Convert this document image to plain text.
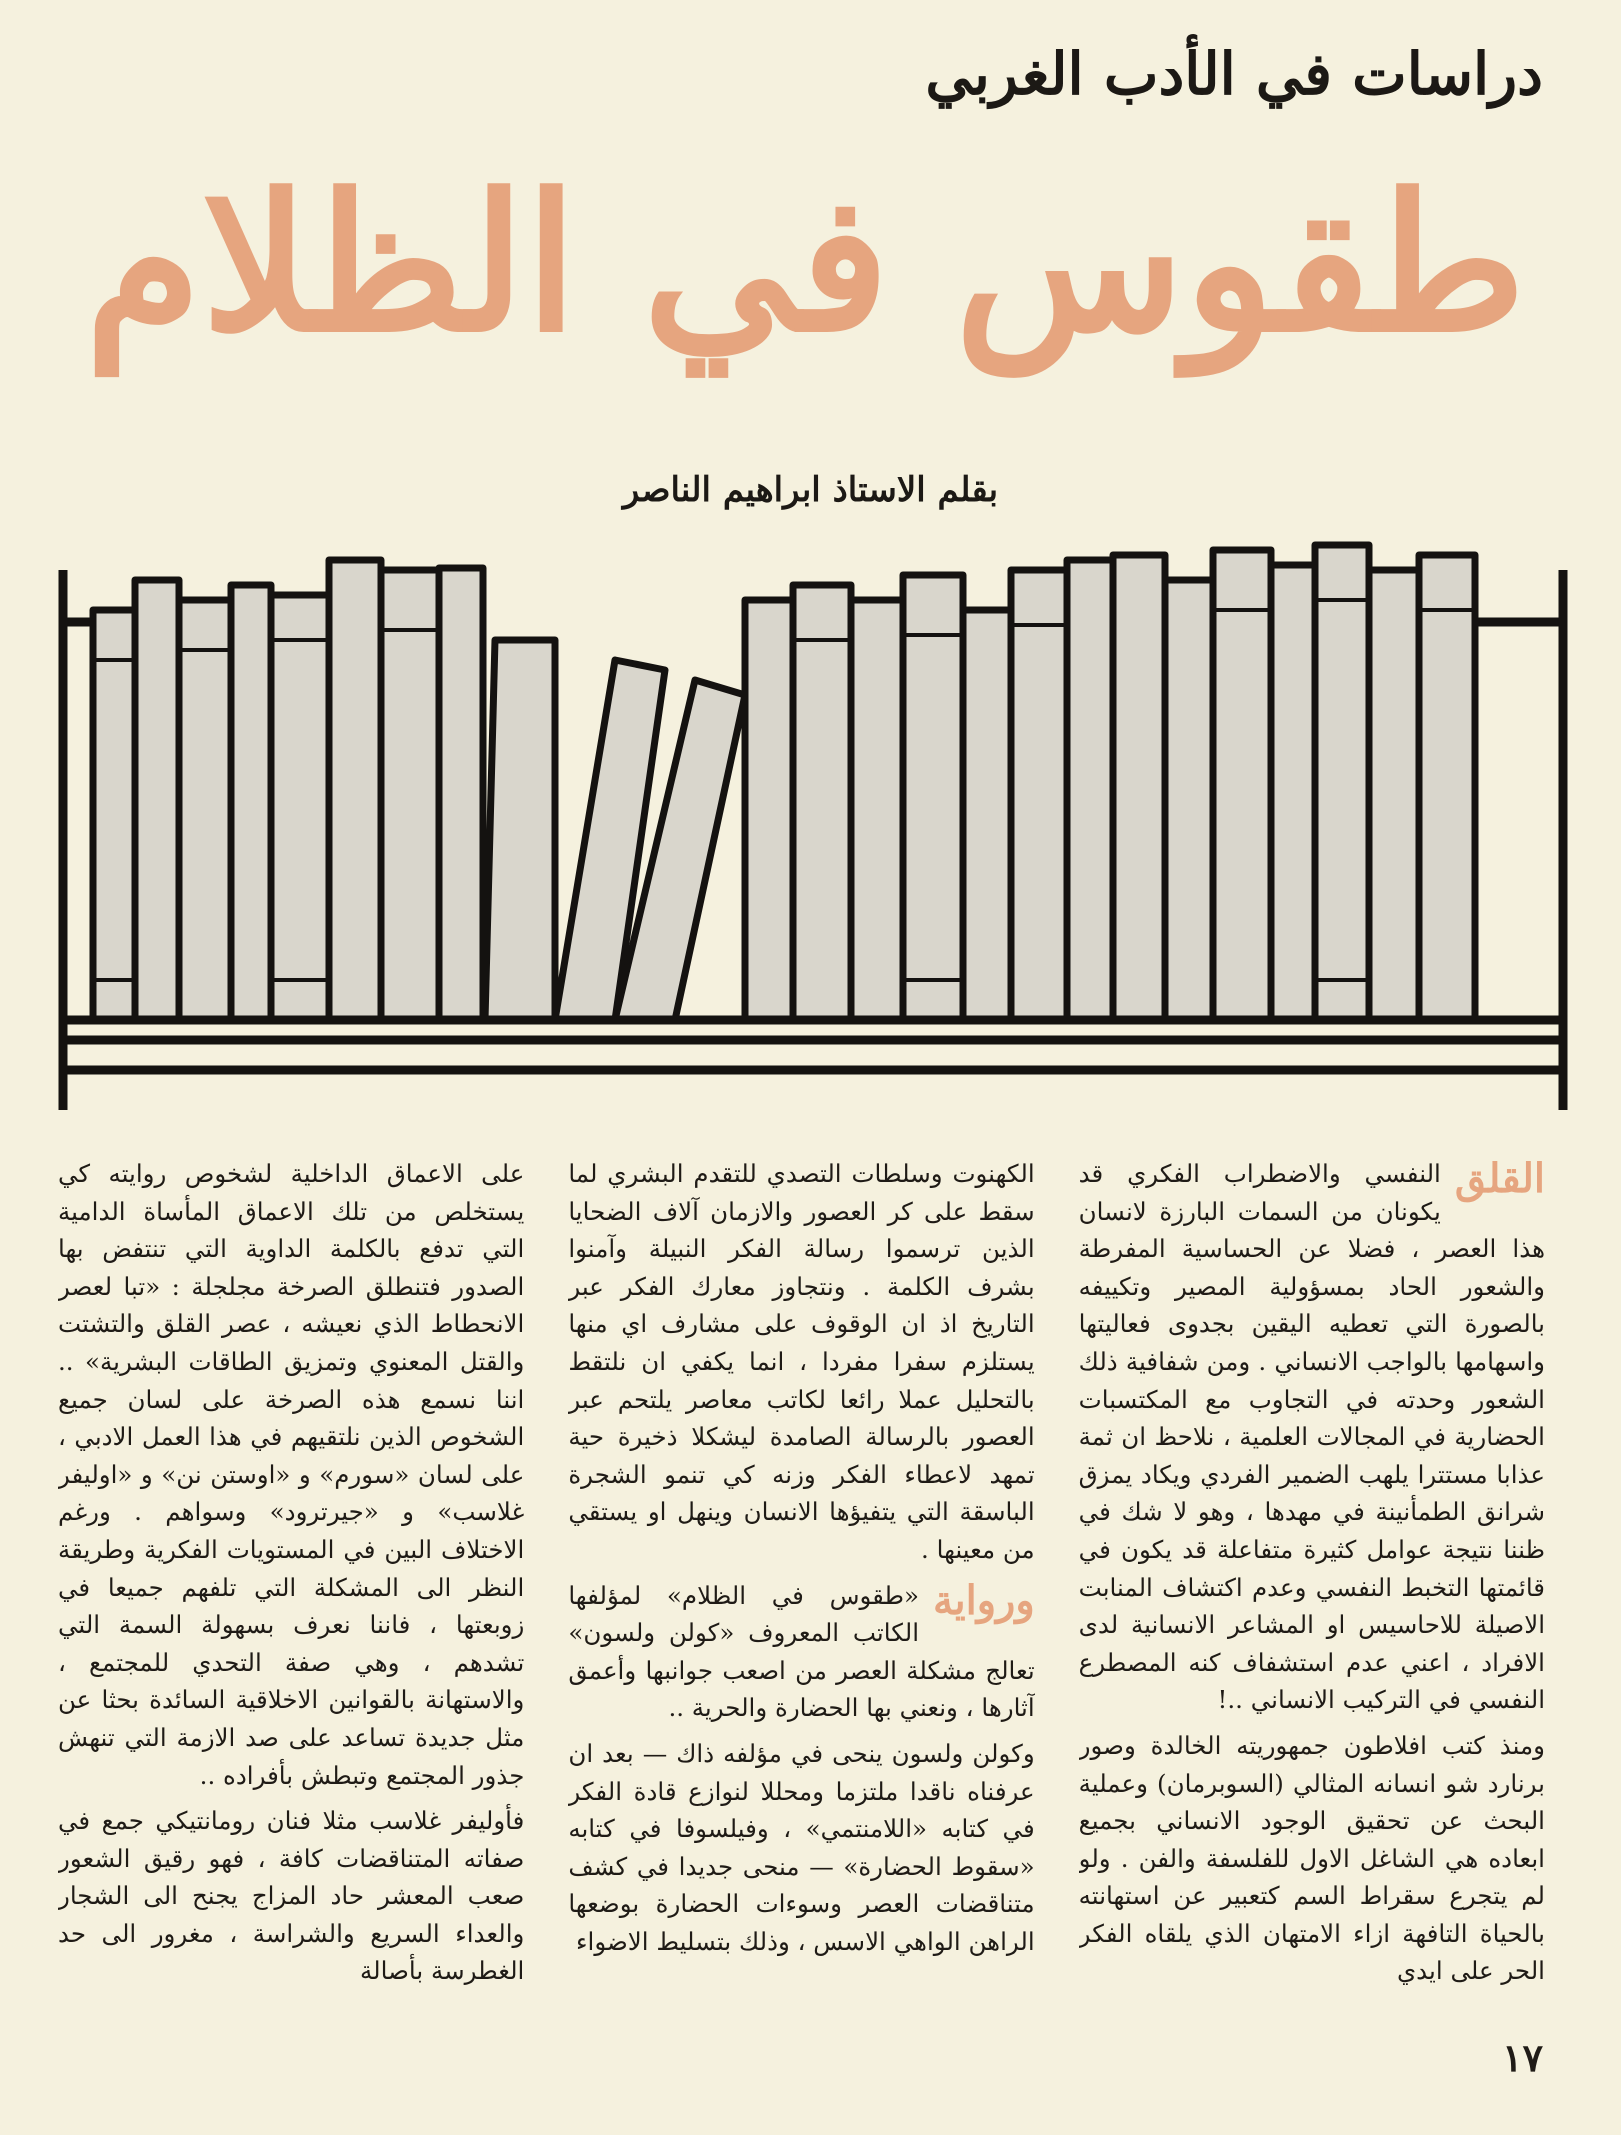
دراسات في الأدب الغربي
طقوس في الظلام
بقلم الاستاذ ابراهيم الناصر
القلق

النفسي والاضطراب الفكري قد يكونان من السمات البارزة لانسان هذا العصر ، فضلا عن الحساسية المفرطة والشعور الحاد بمسؤولية المصير وتكييفه بالصورة التي تعطيه اليقين بجدوى فعاليتها واسهامها بالواجب الانساني . ومن شفافية ذلك الشعور وحدته في التجاوب مع المكتسبات الحضارية في المجالات العلمية ، نلاحظ ان ثمة عذابا مستترا يلهب الضمير الفردي ويكاد يمزق شرانق الطمأنينة في مهدها ، وهو لا شك في ظننا نتيجة عوامل كثيرة متفاعلة قد يكون في قائمتها التخبط النفسي وعدم اكتشاف المنابت الاصيلة للاحاسيس او المشاعر الانسانية لدى الافراد ، اعني عدم استشفاف كنه المصطرع النفسي في التركيب الانساني ..!

ومنذ كتب افلاطون جمهوريته الخالدة وصور برنارد شو انسانه المثالي (السوبرمان) وعملية البحث عن تحقيق الوجود الانساني بجميع ابعاده هي الشاغل الاول للفلسفة والفن . ولو لم يتجرع سقراط السم كتعبير عن استهانته بالحياة التافهة ازاء الامتهان الذي يلقاه الفكر الحر على ايدي

الكهنوت وسلطات التصدي للتقدم البشري لما سقط على كر العصور والازمان آلاف الضحايا الذين ترسموا رسالة الفكر النبيلة وآمنوا بشرف الكلمة . ونتجاوز معارك الفكر عبر التاريخ اذ ان الوقوف على مشارف اي منها يستلزم سفرا مفردا ، انما يكفي ان نلتقط بالتحليل عملا رائعا لكاتب معاصر يلتحم عبر العصور بالرسالة الصامدة ليشكلا ذخيرة حية تمهد لاعطاء الفكر وزنه كي تنمو الشجرة الباسقة التي يتفيؤها الانسان وينهل او يستقي من معينها .

ورواية

«طقوس في الظلام» لمؤلفها الكاتب المعروف «كولن ولسون» تعالج مشكلة العصر من اصعب جوانبها وأعمق آثارها ، ونعني بها الحضارة والحرية ..

وكولن ولسون ينحى في مؤلفه ذاك — بعد ان عرفناه ناقدا ملتزما ومحللا لنوازع قادة الفكر في كتابه «اللامنتمي» ، وفيلسوفا في كتابه «سقوط الحضارة» — منحى جديدا في كشف متناقضات العصر وسوءات الحضارة بوضعها الراهن الواهي الاسس ، وذلك بتسليط الاضواء

على الاعماق الداخلية لشخوص روايته كي يستخلص من تلك الاعماق المأساة الدامية التي تدفع بالكلمة الداوية التي تنتفض بها الصدور فتنطلق الصرخة مجلجلة : «تبا لعصر الانحطاط الذي نعيشه ، عصر القلق والتشتت والقتل المعنوي وتمزيق الطاقات البشرية» .. اننا نسمع هذه الصرخة على لسان جميع الشخوص الذين نلتقيهم في هذا العمل الادبي ، على لسان «سورم» و «اوستن نن» و «اوليفر غلاسب» و «جيرترود» وسواهم . ورغم الاختلاف البين في المستويات الفكرية وطريقة النظر الى المشكلة التي تلفهم جميعا في زوبعتها ، فاننا نعرف بسهولة السمة التي تشدهم ، وهي صفة التحدي للمجتمع ، والاستهانة بالقوانين الاخلاقية السائدة بحثا عن مثل جديدة تساعد على صد الازمة التي تنهش جذور المجتمع وتبطش بأفراده ..

فأوليفر غلاسب مثلا فنان رومانتيكي جمع في صفاته المتناقضات كافة ، فهو رقيق الشعور صعب المعشر حاد المزاج يجنح الى الشجار والعداء السريع والشراسة ، مغرور الى حد الغطرسة بأصالة

١٧
